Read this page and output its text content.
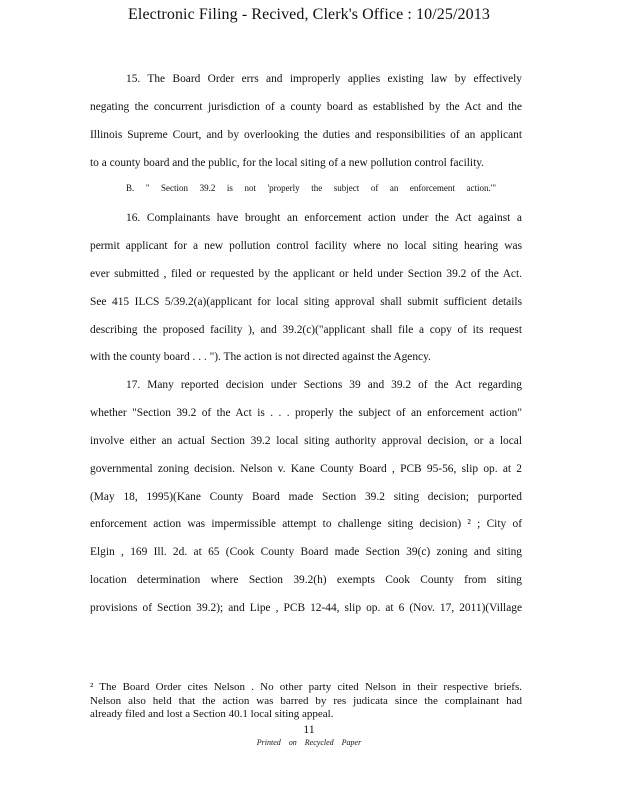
Electronic Filing - Recived, Clerk's Office : 10/25/2013
15. The Board Order errs and improperly applies existing law by effectively
negating the concurrent jurisdiction of a county board as established by the Act and the
Illinois Supreme Court, and by overlooking the duties and responsibilities of an applicant
to a county board and the public, for the local siting of a new pollution control facility.
B. " Section 39.2 is not 'properly the subject of an enforcement action.'"
16. Complainants have brought an enforcement action under the Act against a
permit applicant for a new pollution control facility where no local siting hearing was
ever submitted , filed or requested by the applicant or held under Section 39.2 of the Act.
See 415 ILCS 5/39.2(a)(applicant for local siting approval shall submit sufficient details
describing the proposed facility ), and 39.2(c)("applicant shall file a copy of its request
with the county board . . . "). The action is not directed against the Agency.
17. Many reported decision under Sections 39 and 39.2 of the Act regarding
whether "Section 39.2 of the Act is . . . properly the subject of an enforcement action"
involve either an actual Section 39.2 local siting authority approval decision, or a local
governmental zoning decision. Nelson v. Kane County Board , PCB 95-56, slip op. at 2
(May 18, 1995)(Kane County Board made Section 39.2 siting decision; purported
enforcement action was impermissible attempt to challenge siting decision) ² ; City of
Elgin , 169 Ill. 2d. at 65 (Cook County Board made Section 39(c) zoning and siting
location determination where Section 39.2(h) exempts Cook County from siting
provisions of Section 39.2); and Lipe , PCB 12-44, slip op. at 6 (Nov. 17, 2011)(Village
² The Board Order cites Nelson . No other party cited Nelson in their respective briefs.
Nelson also held that the action was barred by res judicata since the complainant had
already filed and lost a Section 40.1 local siting appeal.
11
Printed on Recycled Paper
